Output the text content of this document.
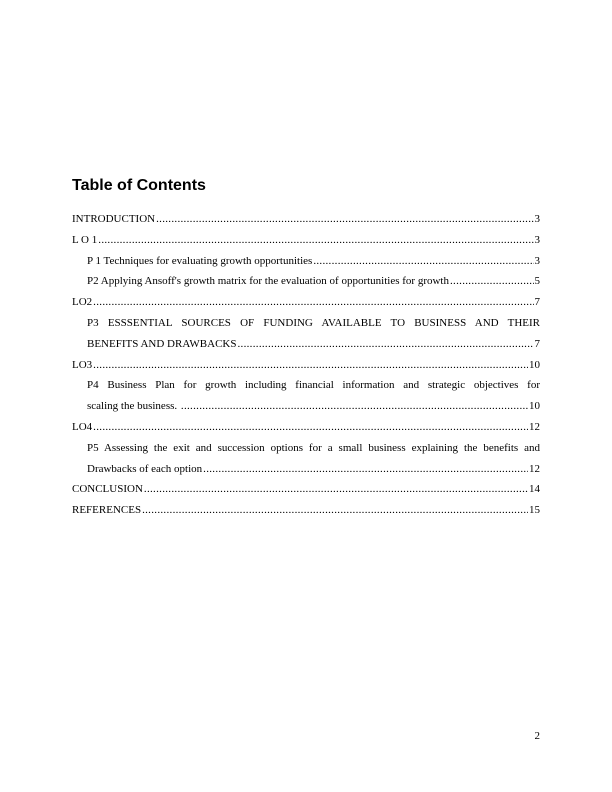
Table of Contents
INTRODUCTION .....	3
L O 1 .....	3
P 1 Techniques for evaluating growth opportunities .....	3
P2 Applying Ansoff's growth matrix for the evaluation of opportunities for growth .....	5
LO2 .....	7
P3 ESSSENTIAL SOURCES OF FUNDING AVAILABLE TO BUSINESS AND THEIR
BENEFITS AND DRAWBACKS .....	7
LO3 .....	10
P4 Business Plan for growth including financial information and strategic objectives for
scaling the business. .....	10
LO4 .....	12
P5 Assessing the exit and succession options for a small business explaining the benefits and
Drawbacks of each option .....	12
CONCLUSION .....	14
REFERENCES .....	15
2
